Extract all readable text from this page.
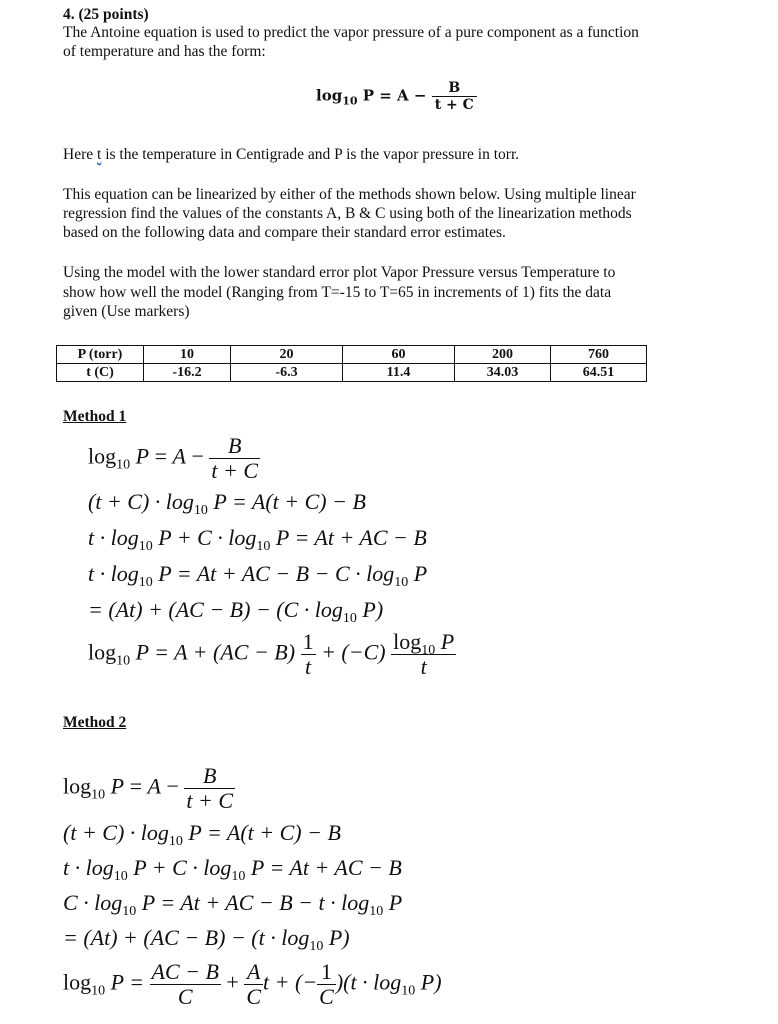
4. (25 points)
The Antoine equation is used to predict the vapor pressure of a pure component as a function
of temperature and has the form:
$\log_{10} P = A - \frac{B}{t + C}$
Here t is the temperature in Centigrade and P is the vapor pressure in torr.
This equation can be linearized by either of the methods shown below. Using multiple linear
regression find the values of the constants A, B & C using both of the linearization methods
based on the following data and compare their standard error estimates.
Using the model with the lower standard error plot Vapor Pressure versus Temperature to
show how well the model (Ranging from T=-15 to T=65 in increments of 1) fits the data
given (Use markers)
P (torr)	10	20	60	200	760
t (C)	-16.2	-6.3	11.4	34.03	64.51
Method 1
$\log_{10} P = A - \frac{B}{t + C}$
$(t + C) \cdot \log_{10} P = A(t + C) - B$
$t \cdot \log_{10} P + C \cdot \log_{10} P = At$ + AC − B
$t \cdot \log_{10} P = At$ + AC − $B - C \cdot \log_{10} P$
= $(At) + (AC - B) - (C \cdot \log_{10} P)$
$\log_{10} P = A + (AC - B) \frac{1}{t} + (-C) \frac{\log_{10} P}{t}$
Method 2
$\log_{10} P = A - \frac{B}{t + C}$
$(t + C) \cdot \log_{10} P = A(t + C) - B$
$t \cdot \log_{10} P + C \cdot \log_{10} P = At$ + AC − B
$C \cdot \log_{10} P = At$ + AC − $B - t \cdot \log_{10} P$
= $(At) + (AC - B) - (t \cdot \log_{10} P)$
$\log_{10} P = \frac{AC - B}{C} + \frac{A}{C}$ t + (− $\frac{1}{C} )(t \cdot \log_{10} P)$
